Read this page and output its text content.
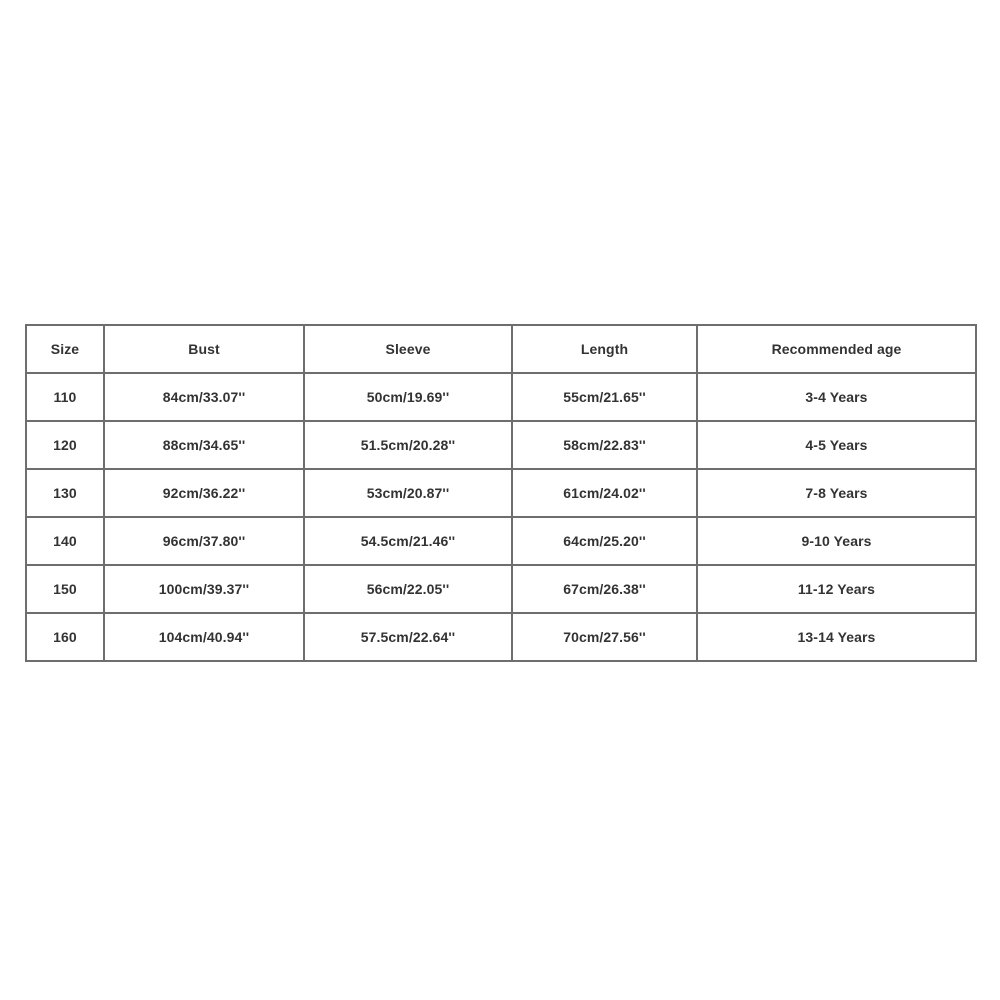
Size	Bust	Sleeve	Length	Recommended age
110	84cm/33.07''	50cm/19.69''	55cm/21.65''	3-4 Years
120	88cm/34.65''	51.5cm/20.28''	58cm/22.83''	4-5 Years
130	92cm/36.22''	53cm/20.87''	61cm/24.02''	7-8 Years
140	96cm/37.80''	54.5cm/21.46''	64cm/25.20''	9-10 Years
150	100cm/39.37''	56cm/22.05''	67cm/26.38''	11-12 Years
160	104cm/40.94''	57.5cm/22.64''	70cm/27.56''	13-14 Years
